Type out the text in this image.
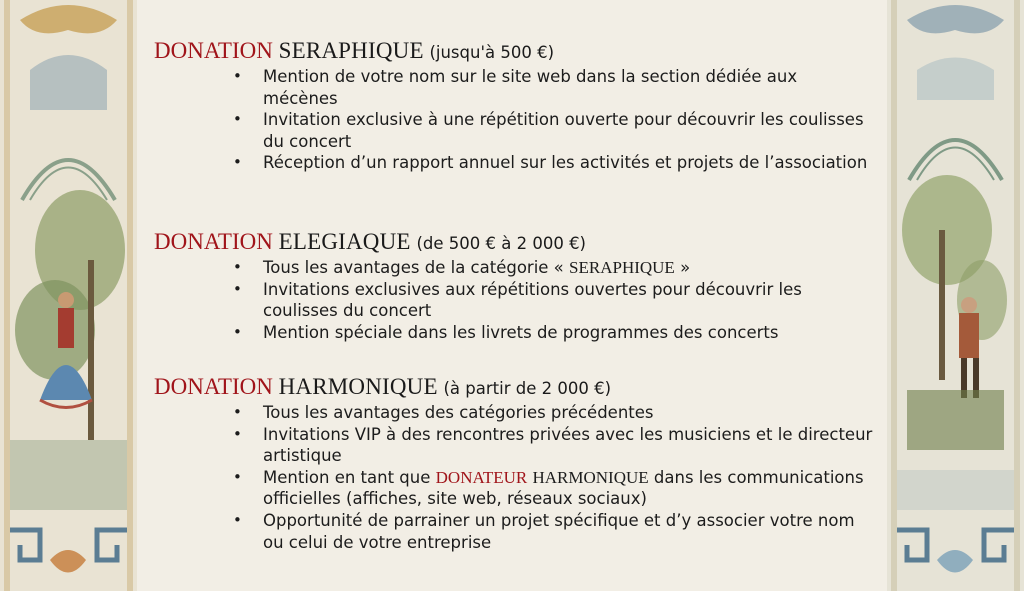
DONATION SERAPHIQUE (jusqu'à 500 €)
• Mention de votre nom sur le site web dans la section dédiée aux mécènes
• Invitation exclusive à une répétition ouverte pour découvrir les coulisses du concert
• Réception d’un rapport annuel sur les activités et projets de l’association
DONATION ELEGIAQUE (de 500 € à 2 000 €)
• Tous les avantages de la catégorie « SERAPHIQUE »
• Invitations exclusives aux répétitions ouvertes pour découvrir les coulisses du concert
• Mention spéciale dans les livrets de programmes des concerts
DONATION HARMONIQUE (à partir de 2 000 €)
• Tous les avantages des catégories précédentes
• Invitations VIP à des rencontres privées avec les musiciens et le directeur artistique
• Mention en tant que DONATEUR HARMONIQUE dans les communications officielles (affiches, site web, réseaux sociaux)
• Opportunité de parrainer un projet spécifique et d’y associer votre nom ou celui de votre entreprise
